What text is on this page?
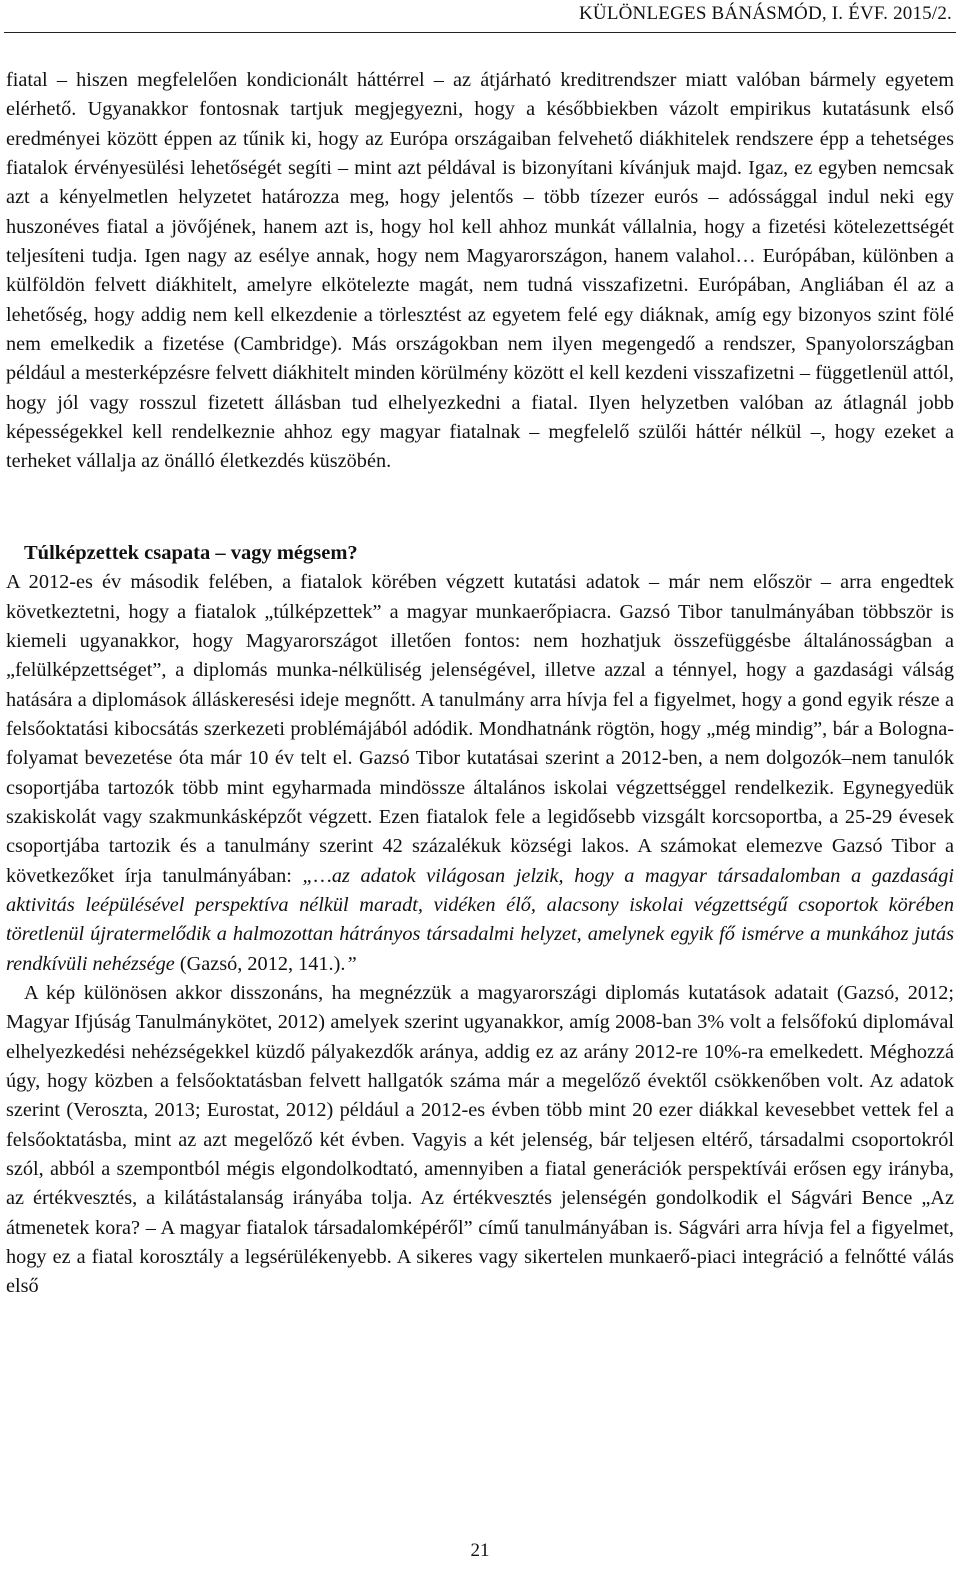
KÜLÖNLEGES BÁNÁSMÓD, I. ÉVF. 2015/2.

fiatal – hiszen megfelelően kondicionált háttérrel – az átjárható kreditrendszer miatt valóban bármely egyetem elérhető. Ugyanakkor fontosnak tartjuk megjegyezni, hogy a későbbiekben vázolt empirikus kutatásunk első eredményei között éppen az tűnik ki, hogy az Európa országaiban felvehető diákhitelek rendszere épp a tehetséges fiatalok érvényesülési lehetőségét segíti – mint azt példával is bizonyítani kívánjuk majd. Igaz, ez egyben nemcsak azt a kényelmetlen helyzetet határozza meg, hogy jelentős – több tízezer eurós – adóssággal indul neki egy huszonéves fiatal a jövőjének, hanem azt is, hogy hol kell ahhoz munkát vállalnia, hogy a fizetési kötelezettségét teljesíteni tudja. Igen nagy az esélye annak, hogy nem Magyarországon, hanem valahol… Európában, különben a külföldön felvett diákhitelt, amelyre elkötelezte magát, nem tudná visszafizetni. Európában, Angliában él az a lehetőség, hogy addig nem kell elkezdenie a törlesztést az egyetem felé egy diáknak, amíg egy bizonyos szint fölé nem emelkedik a fizetése (Cambridge). Más országokban nem ilyen megengedő a rendszer, Spanyolországban például a mesterképzésre felvett diákhitelt minden körülmény között el kell kezdeni visszafizetni – függetlenül attól, hogy jól vagy rosszul fizetett állásban tud elhelyezkedni a fiatal. Ilyen helyzetben valóban az átlagnál jobb képességekkel kell rendelkeznie ahhoz egy magyar fiatalnak – megfelelő szülői háttér nélkül –, hogy ezeket a terheket vállalja az önálló életkezdés küszöbén.

Túlképzettek csapata – vagy mégsem?

A 2012-es év második felében, a fiatalok körében végzett kutatási adatok – már nem először – arra engedtek következtetni, hogy a fiatalok „túlképzettek” a magyar munkaerőpiacra. Gazsó Tibor tanulmányában többször is kiemeli ugyanakkor, hogy Magyarországot illetően fontos: nem hozhatjuk összefüggésbe általánosságban a „felülképzettséget”, a diplomás munka-nélküliség jelenségével, illetve azzal a ténnyel, hogy a gazdasági válság hatására a diplomások álláskeresési ideje megnőtt. A tanulmány arra hívja fel a figyelmet, hogy a gond egyik része a felsőoktatási kibocsátás szerkezeti problémájából adódik. Mondhatnánk rögtön, hogy „még mindig”, bár a Bologna-folyamat bevezetése óta már 10 év telt el. Gazsó Tibor kutatásai szerint a 2012-ben, a nem dolgozók–nem tanulók csoportjába tartozók több mint egyharmada mindössze általános iskolai végzettséggel rendelkezik. Egynegyedük szakiskolát vagy szakmunkásképzőt végzett. Ezen fiatalok fele a legidősebb vizsgált korcsoportba, a 25-29 évesek csoportjába tartozik és a tanulmány szerint 42 százalékuk községi lakos. A számokat elemezve Gazsó Tibor a következőket írja tanulmányában: „…az adatok világosan jelzik, hogy a magyar társadalomban a gazdasági aktivitás leépülésével perspektíva nélkül maradt, vidéken élő, alacsony iskolai végzettségű csoportok körében töretlenül újratermelődik a halmozottan hátrányos társadalmi helyzet, amelynek egyik fő ismérve a munkához jutás rendkívüli nehézsége (Gazsó, 2012, 141.).”

A kép különösen akkor disszonáns, ha megnézzük a magyarországi diplomás kutatások adatait (Gazsó, 2012; Magyar Ifjúság Tanulmánykötet, 2012) amelyek szerint ugyanakkor, amíg 2008-ban 3% volt a felsőfokú diplomával elhelyezkedési nehézségekkel küzdő pályakezdők aránya, addig ez az arány 2012-re 10%-ra emelkedett. Méghozzá úgy, hogy közben a felsőoktatásban felvett hallgatók száma már a megelőző évektől csökkenőben volt. Az adatok szerint (Veroszta, 2013; Eurostat, 2012) például a 2012-es évben több mint 20 ezer diákkal kevesebbet vettek fel a felsőoktatásba, mint az azt megelőző két évben. Vagyis a két jelenség, bár teljesen eltérő, társadalmi csoportokról szól, abból a szempontból mégis elgondolkodtató, amennyiben a fiatal generációk perspektívái erősen egy irányba, az értékvesztés, a kilátástalanság irányába tolja. Az értékvesztés jelenségén gondolkodik el Ságvári Bence „Az átmenetek kora? – A magyar fiatalok társadalomképéről” című tanulmányában is. Ságvári arra hívja fel a figyelmet, hogy ez a fiatal korosztály a legsérülékenyebb. A sikeres vagy sikertelen munkaerő-piaci integráció a felnőtté válás első

21
